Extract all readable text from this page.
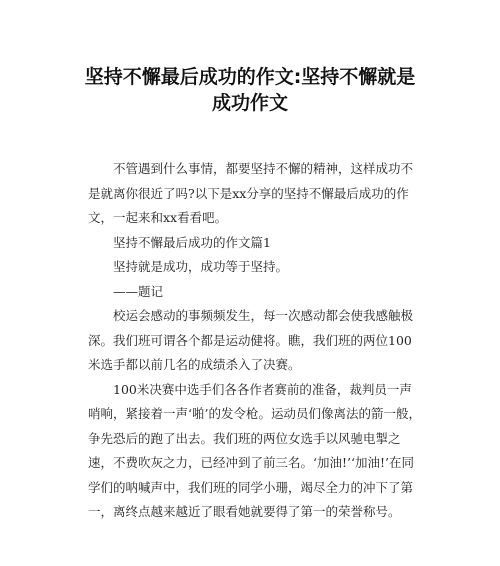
坚持不懈最后成功的作文:坚持不懈就是
成功作文

不管遇到什么事情，都要坚持不懈的精神，这样成功不是就离你很近了吗?以下是xx分享的坚持不懈最后成功的作文，一起来和xx看看吧。

坚持不懈最后成功的作文篇1

坚持就是成功，成功等于坚持。

——题记

校运会感动的事频频发生，每一次感动都会使我感触极深。我们班可谓各个都是运动健将。瞧，我们班的两位100米选手都以前几名的成绩杀入了决赛。

100米决赛中选手们各各作者赛前的准备，裁判员一声哨响，紧接着一声‘啪’的发令枪。运动员们像离法的箭一般，争先恐后的跑了出去。我们班的两位女选手以风驰电掣之速，不费吹灰之力，已经冲到了前三名。‘加油!’‘加油!’在同学们的呐喊声中，我们班的同学小珊，竭尽全力的冲下了第一，离终点越来越近了眼看她就要得了第一的荣誉称号。
